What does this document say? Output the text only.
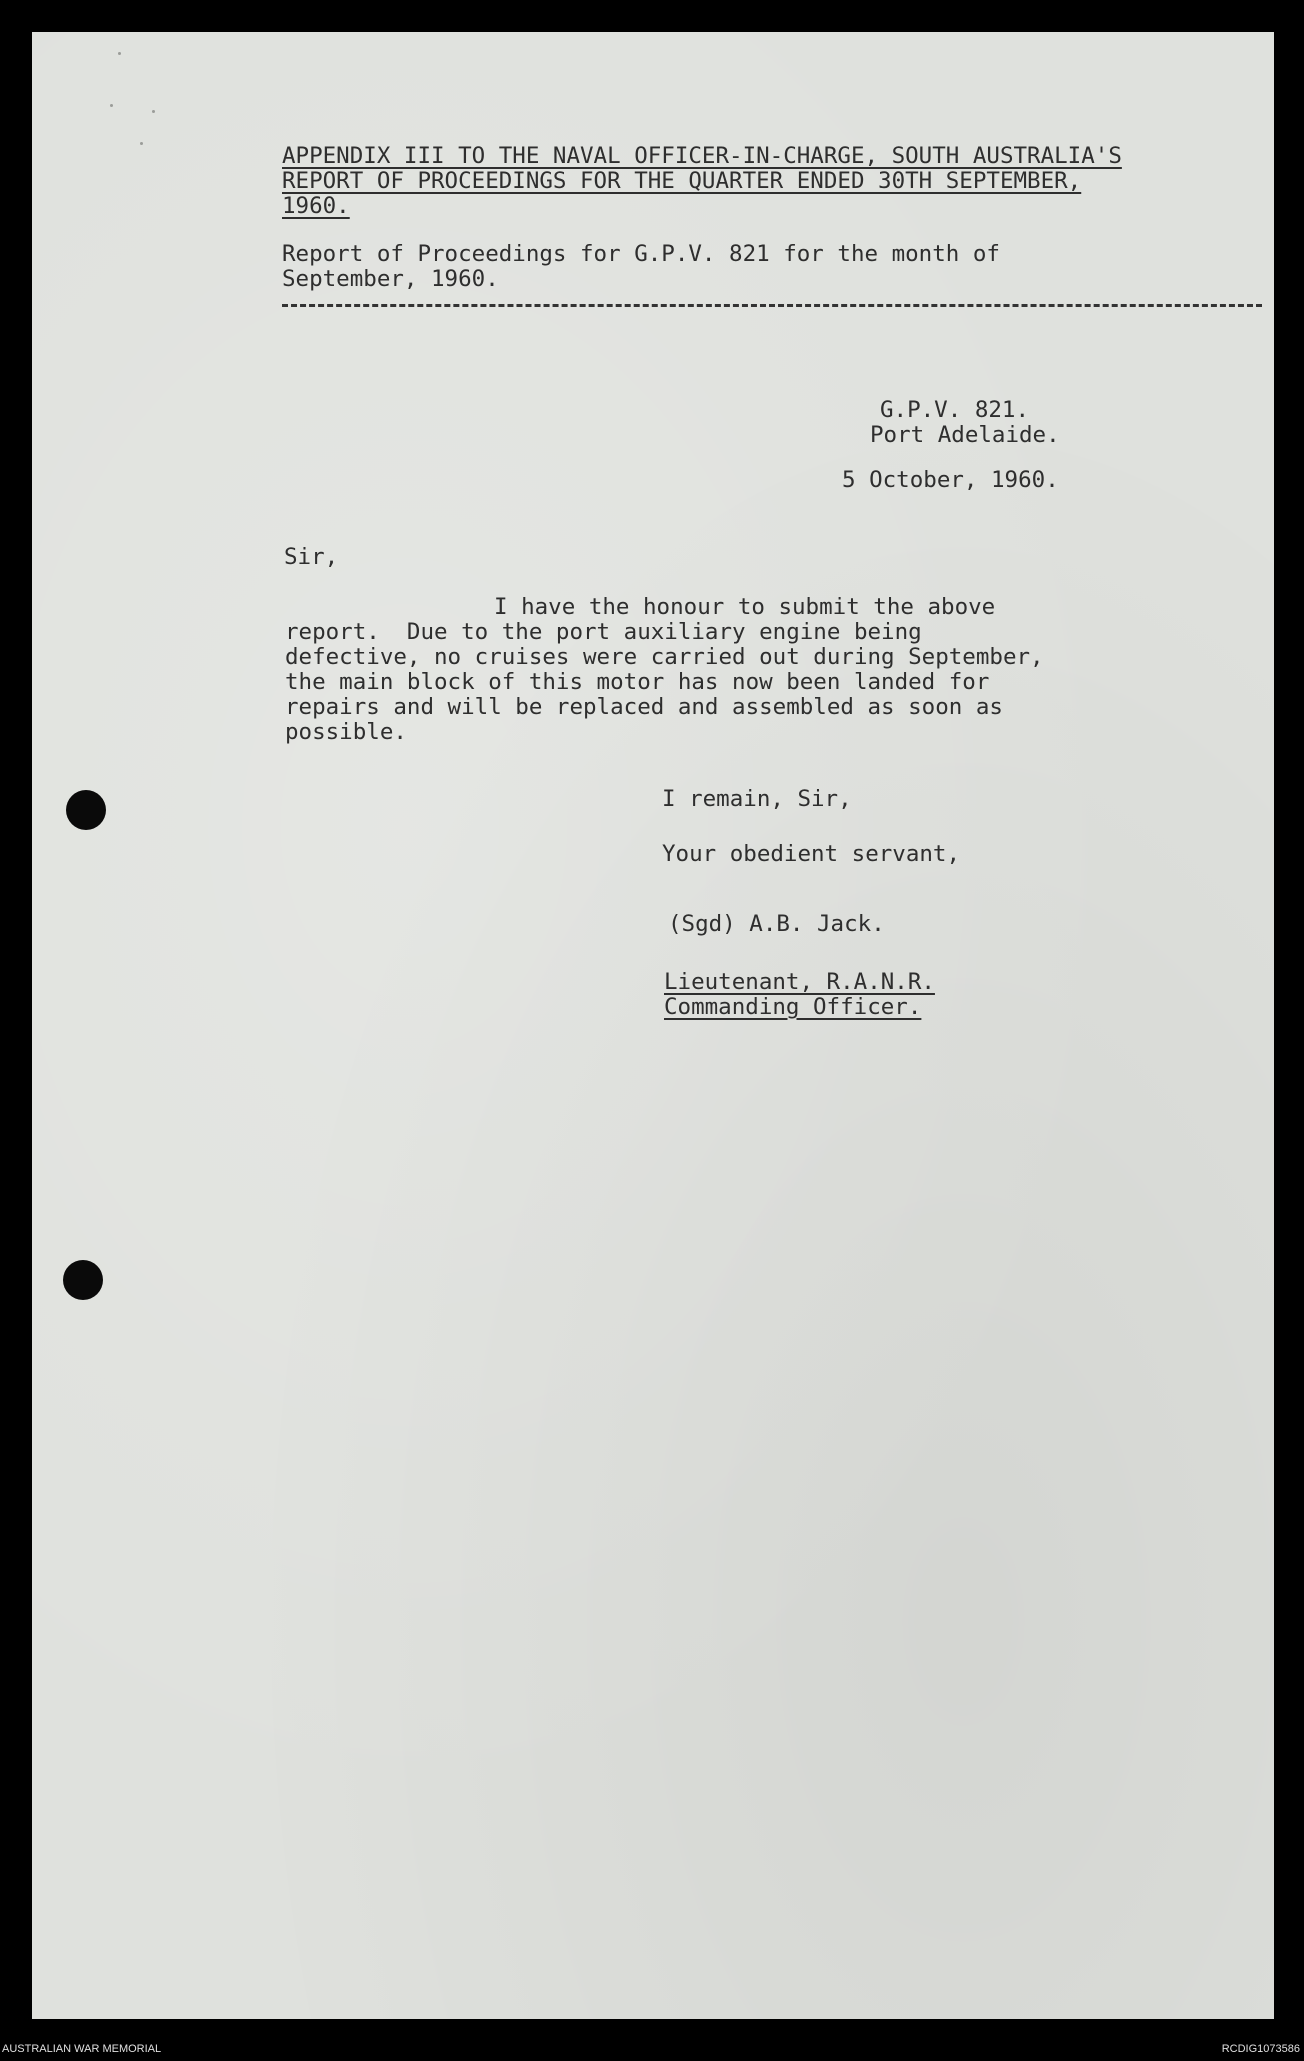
APPENDIX III TO THE NAVAL OFFICER-IN-CHARGE, SOUTH AUSTRALIA'S

REPORT OF PROCEEDINGS FOR THE QUARTER ENDED 30TH SEPTEMBER,

1960.

Report of Proceedings for G.P.V. 821 for the month of

September, 1960.

G.P.V. 821.

Port Adelaide.

5 October, 1960.

Sir,

I have the honour to submit the above

report.  Due to the port auxiliary engine being

defective, no cruises were carried out during September,

the main block of this motor has now been landed for

repairs and will be replaced and assembled as soon as

possible.

I remain, Sir,

Your obedient servant,

(Sgd) A.B. Jack.

Lieutenant, R.A.N.R.

Commanding Officer.

AUSTRALIAN WAR MEMORIAL	RCDIG1073586
